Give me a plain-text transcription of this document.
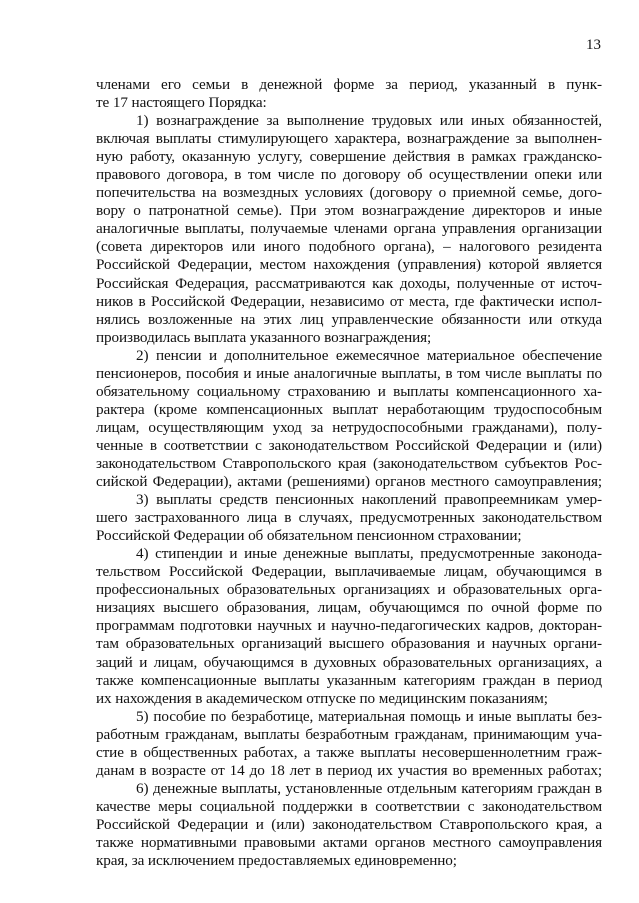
13
членами его семьи в денежной форме за период, указанный в пунк-
те 17 настоящего Порядка:
1) вознаграждение за выполнение трудовых или иных обязанностей,
включая выплаты стимулирующего характера, вознаграждение за выполнен-
ную работу, оказанную услугу, совершение действия в рамках гражданско-
правового договора, в том числе по договору об осуществлении опеки или
попечительства на возмездных условиях (договору о приемной семье, дого-
вору о патронатной семье). При этом вознаграждение директоров и иные
аналогичные выплаты, получаемые членами органа управления организации
(совета директоров или иного подобного органа), – налогового резидента
Российской Федерации, местом нахождения (управления) которой является
Российская Федерация, рассматриваются как доходы, полученные от источ-
ников в Российской Федерации, независимо от места, где фактически испол-
нялись возложенные на этих лиц управленческие обязанности или откуда
производилась выплата указанного вознаграждения;
2) пенсии и дополнительное ежемесячное материальное обеспечение
пенсионеров, пособия и иные аналогичные выплаты, в том числе выплаты по
обязательному социальному страхованию и выплаты компенсационного ха-
рактера (кроме компенсационных выплат неработающим трудоспособным
лицам, осуществляющим уход за нетрудоспособными гражданами), полу-
ченные в соответствии с законодательством Российской Федерации и (или)
законодательством Ставропольского края (законодательством субъектов Рос-
сийской Федерации), актами (решениями) органов местного самоуправления;
3) выплаты средств пенсионных накоплений правопреемникам умер-
шего застрахованного лица в случаях, предусмотренных законодательством
Российской Федерации об обязательном пенсионном страховании;
4) стипендии и иные денежные выплаты, предусмотренные законода-
тельством Российской Федерации, выплачиваемые лицам, обучающимся в
профессиональных образовательных организациях и образовательных орга-
низациях высшего образования, лицам, обучающимся по очной форме по
программам подготовки научных и научно-педагогических кадров, докторан-
там образовательных организаций высшего образования и научных органи-
заций и лицам, обучающимся в духовных образовательных организациях, а
также компенсационные выплаты указанным категориям граждан в период
их нахождения в академическом отпуске по медицинским показаниям;
5) пособие по безработице, материальная помощь и иные выплаты без-
работным гражданам, выплаты безработным гражданам, принимающим уча-
стие в общественных работах, а также выплаты несовершеннолетним граж-
данам в возрасте от 14 до 18 лет в период их участия во временных работах;
6) денежные выплаты, установленные отдельным категориям граждан в
качестве меры социальной поддержки в соответствии с законодательством
Российской Федерации и (или) законодательством Ставропольского края, а
также нормативными правовыми актами органов местного самоуправления
края, за исключением предоставляемых единовременно;
